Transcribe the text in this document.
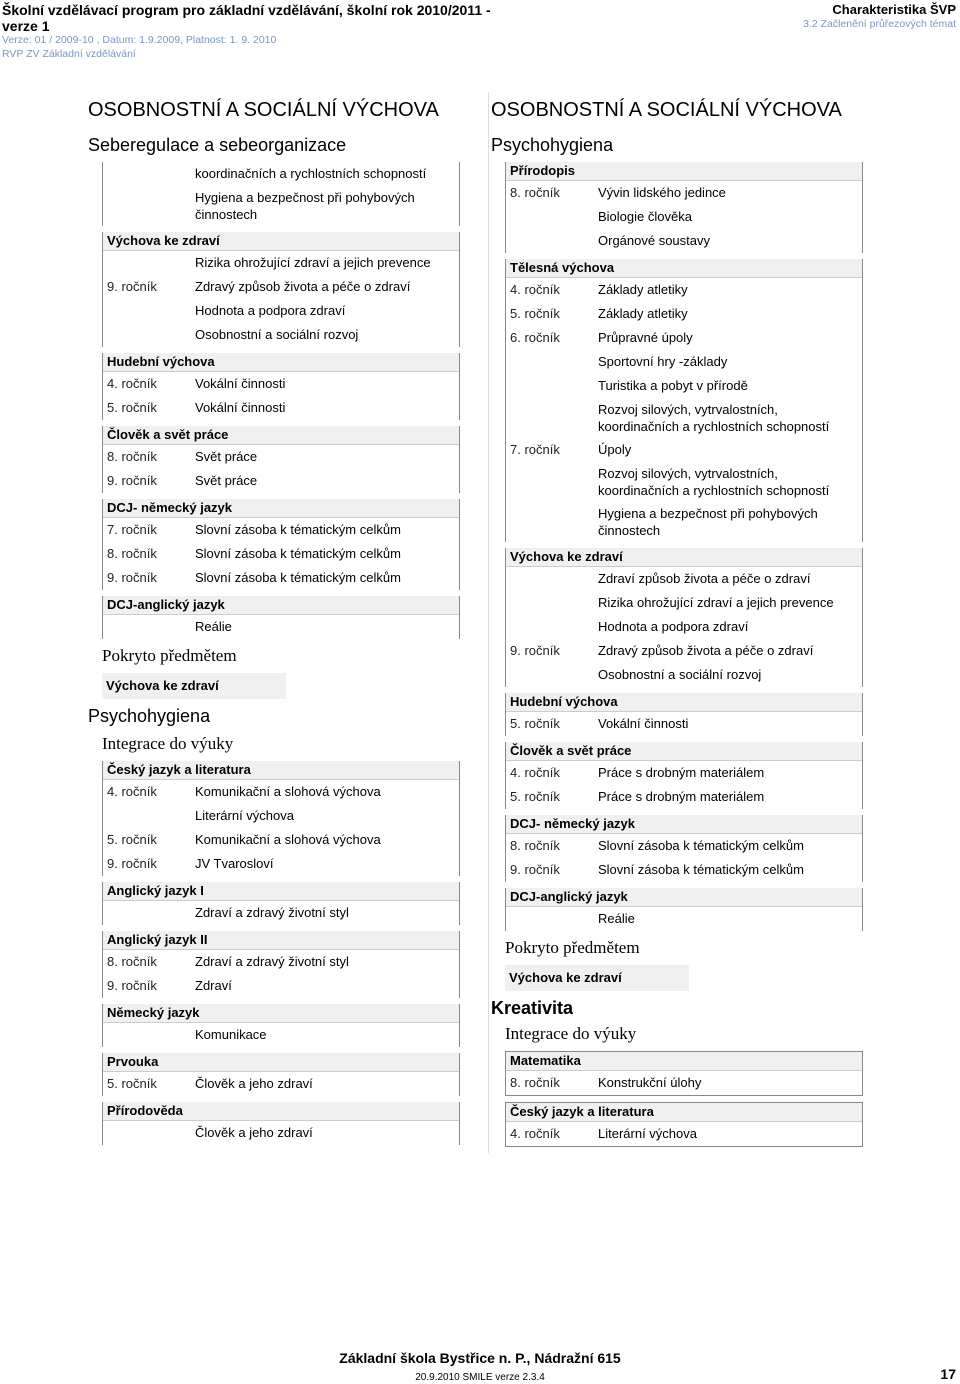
Školní vzdělávací program pro základní vzdělávání, školní rok 2010/2011 - verze 1
Verze: 01 / 2009-10 , Datum: 1.9.2009, Platnost: 1. 9. 2010
RVP ZV Základní vzdělávání
Charakteristika ŠVP
3.2 Začlenění průřezových témat
OSOBNOSTNÍ A SOCIÁLNÍ VÝCHOVA
Seberegulace a sebeorganizace
koordinačních a rychlostních schopností
Hygiena a bezpečnost při pohybových činnostech
Výchova ke zdraví
Rizika ohrožující zdraví a jejich prevence
9. ročník	Zdravý způsob života a péče o zdraví
Hodnota a podpora zdraví
Osobnostní a sociální rozvoj
Hudební výchova
4. ročník	Vokální činnosti
5. ročník	Vokální činnosti
Člověk a svět práce
8. ročník	Svět práce
9. ročník	Svět práce
DCJ- německý jazyk
7. ročník	Slovní zásoba k tématickým celkům
8. ročník	Slovní zásoba k tématickým celkům
9. ročník	Slovní zásoba k tématickým celkům
DCJ-anglický jazyk
Reálie
Pokryto předmětem
Výchova ke zdraví
Psychohygiena
Integrace do výuky
Český jazyk a literatura
4. ročník	Komunikační a slohová výchova
Literární výchova
5. ročník	Komunikační a slohová výchova
9. ročník	JV Tvarosloví
Anglický jazyk I
Zdraví a zdravý životní styl
Anglický jazyk II
8. ročník	Zdraví a zdravý životní styl
9. ročník	Zdraví
Německý jazyk
Komunikace
Prvouka
5. ročník	Člověk a jeho zdraví
Přírodověda
Člověk a jeho zdraví
OSOBNOSTNÍ A SOCIÁLNÍ VÝCHOVA
Psychohygiena
Přírodopis
8. ročník	Vývin lidského jedince
Biologie člověka
Orgánové soustavy
Tělesná výchova
4. ročník	Základy atletiky
5. ročník	Základy atletiky
6. ročník	Průpravné úpoly
Sportovní hry -základy
Turistika a pobyt v přírodě
Rozvoj silových, vytrvalostních, koordinačních a rychlostních schopností
7. ročník	Úpoly
Rozvoj silových, vytrvalostních, koordinačních a rychlostních schopností
Hygiena a bezpečnost při pohybových činnostech
Výchova ke zdraví
Zdraví způsob života a péče o zdraví
Rizika ohrožující zdraví a jejich prevence
Hodnota a podpora zdraví
9. ročník	Zdravý způsob života a péče o zdraví
Osobnostní a sociální rozvoj
Hudební výchova
5. ročník	Vokální činnosti
Člověk a svět práce
4. ročník	Práce s drobným materiálem
5. ročník	Práce s drobným materiálem
DCJ- německý jazyk
8. ročník	Slovní zásoba k tématickým celkům
9. ročník	Slovní zásoba k tématickým celkům
DCJ-anglický jazyk
Reálie
Pokryto předmětem
Výchova ke zdraví
Kreativita
Integrace do výuky
Matematika
8. ročník	Konstrukční úlohy
Český jazyk a literatura
4. ročník	Literární výchova
Základní škola Bystřice n. P., Nádražní 615
20.9.2010 SMILE verze 2.3.4	17
